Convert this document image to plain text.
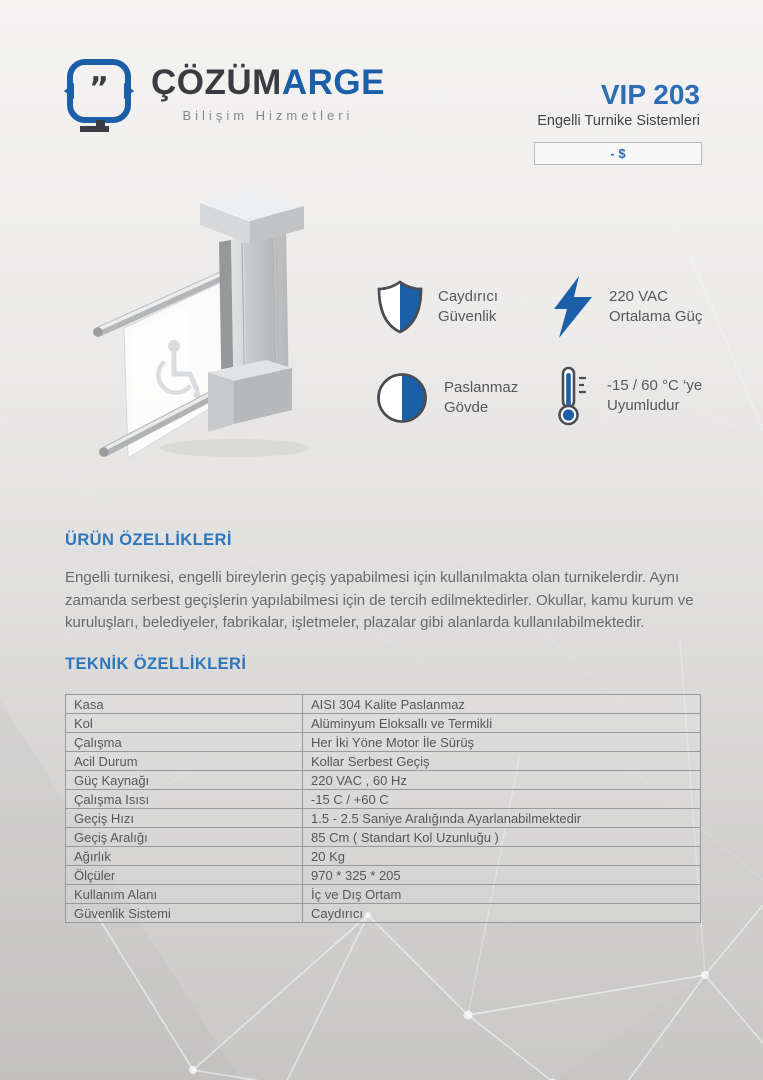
” ÇÖZÜMARGE
Bilişim Hizmetleri
VIP 203
Engelli Turnike Sistemleri
- $
Caydırıcı
Güvenlik
220 VAC
Ortalama Güç
Paslanmaz
Gövde
-15 / 60 °C ‘ye
Uyumludur
ÜRÜN ÖZELLİKLERİ
Engelli turnikesi, engelli bireylerin geçiş yapabilmesi için kullanılmakta olan turnikelerdir. Aynı zamanda serbest geçişlerin yapılabilmesi için de tercih edilmektedirler. Okullar, kamu kurum ve kuruluşları, belediyeler, fabrikalar, işletmeler, plazalar gibi alanlarda kullanılabilmektedir.
TEKNİK ÖZELLİKLERİ
Kasa	AISI 304 Kalite Paslanmaz
Kol	Alüminyum Eloksallı ve Termikli
Çalışma	Her İki Yöne Motor İle Sürüş
Acil Durum	Kollar Serbest Geçiş
Güç Kaynağı	220 VAC , 60 Hz
Çalışma Isısı	-15 C / +60 C
Geçiş Hızı	1.5 - 2.5 Saniye Aralığında Ayarlanabilmektedir
Geçiş Aralığı	85 Cm ( Standart Kol Uzunluğu )
Ağırlık	20 Kg
Ölçüler	970 * 325 * 205
Kullanım Alanı	İç ve Dış Ortam
Güvenlik Sistemi	Caydırıcı
